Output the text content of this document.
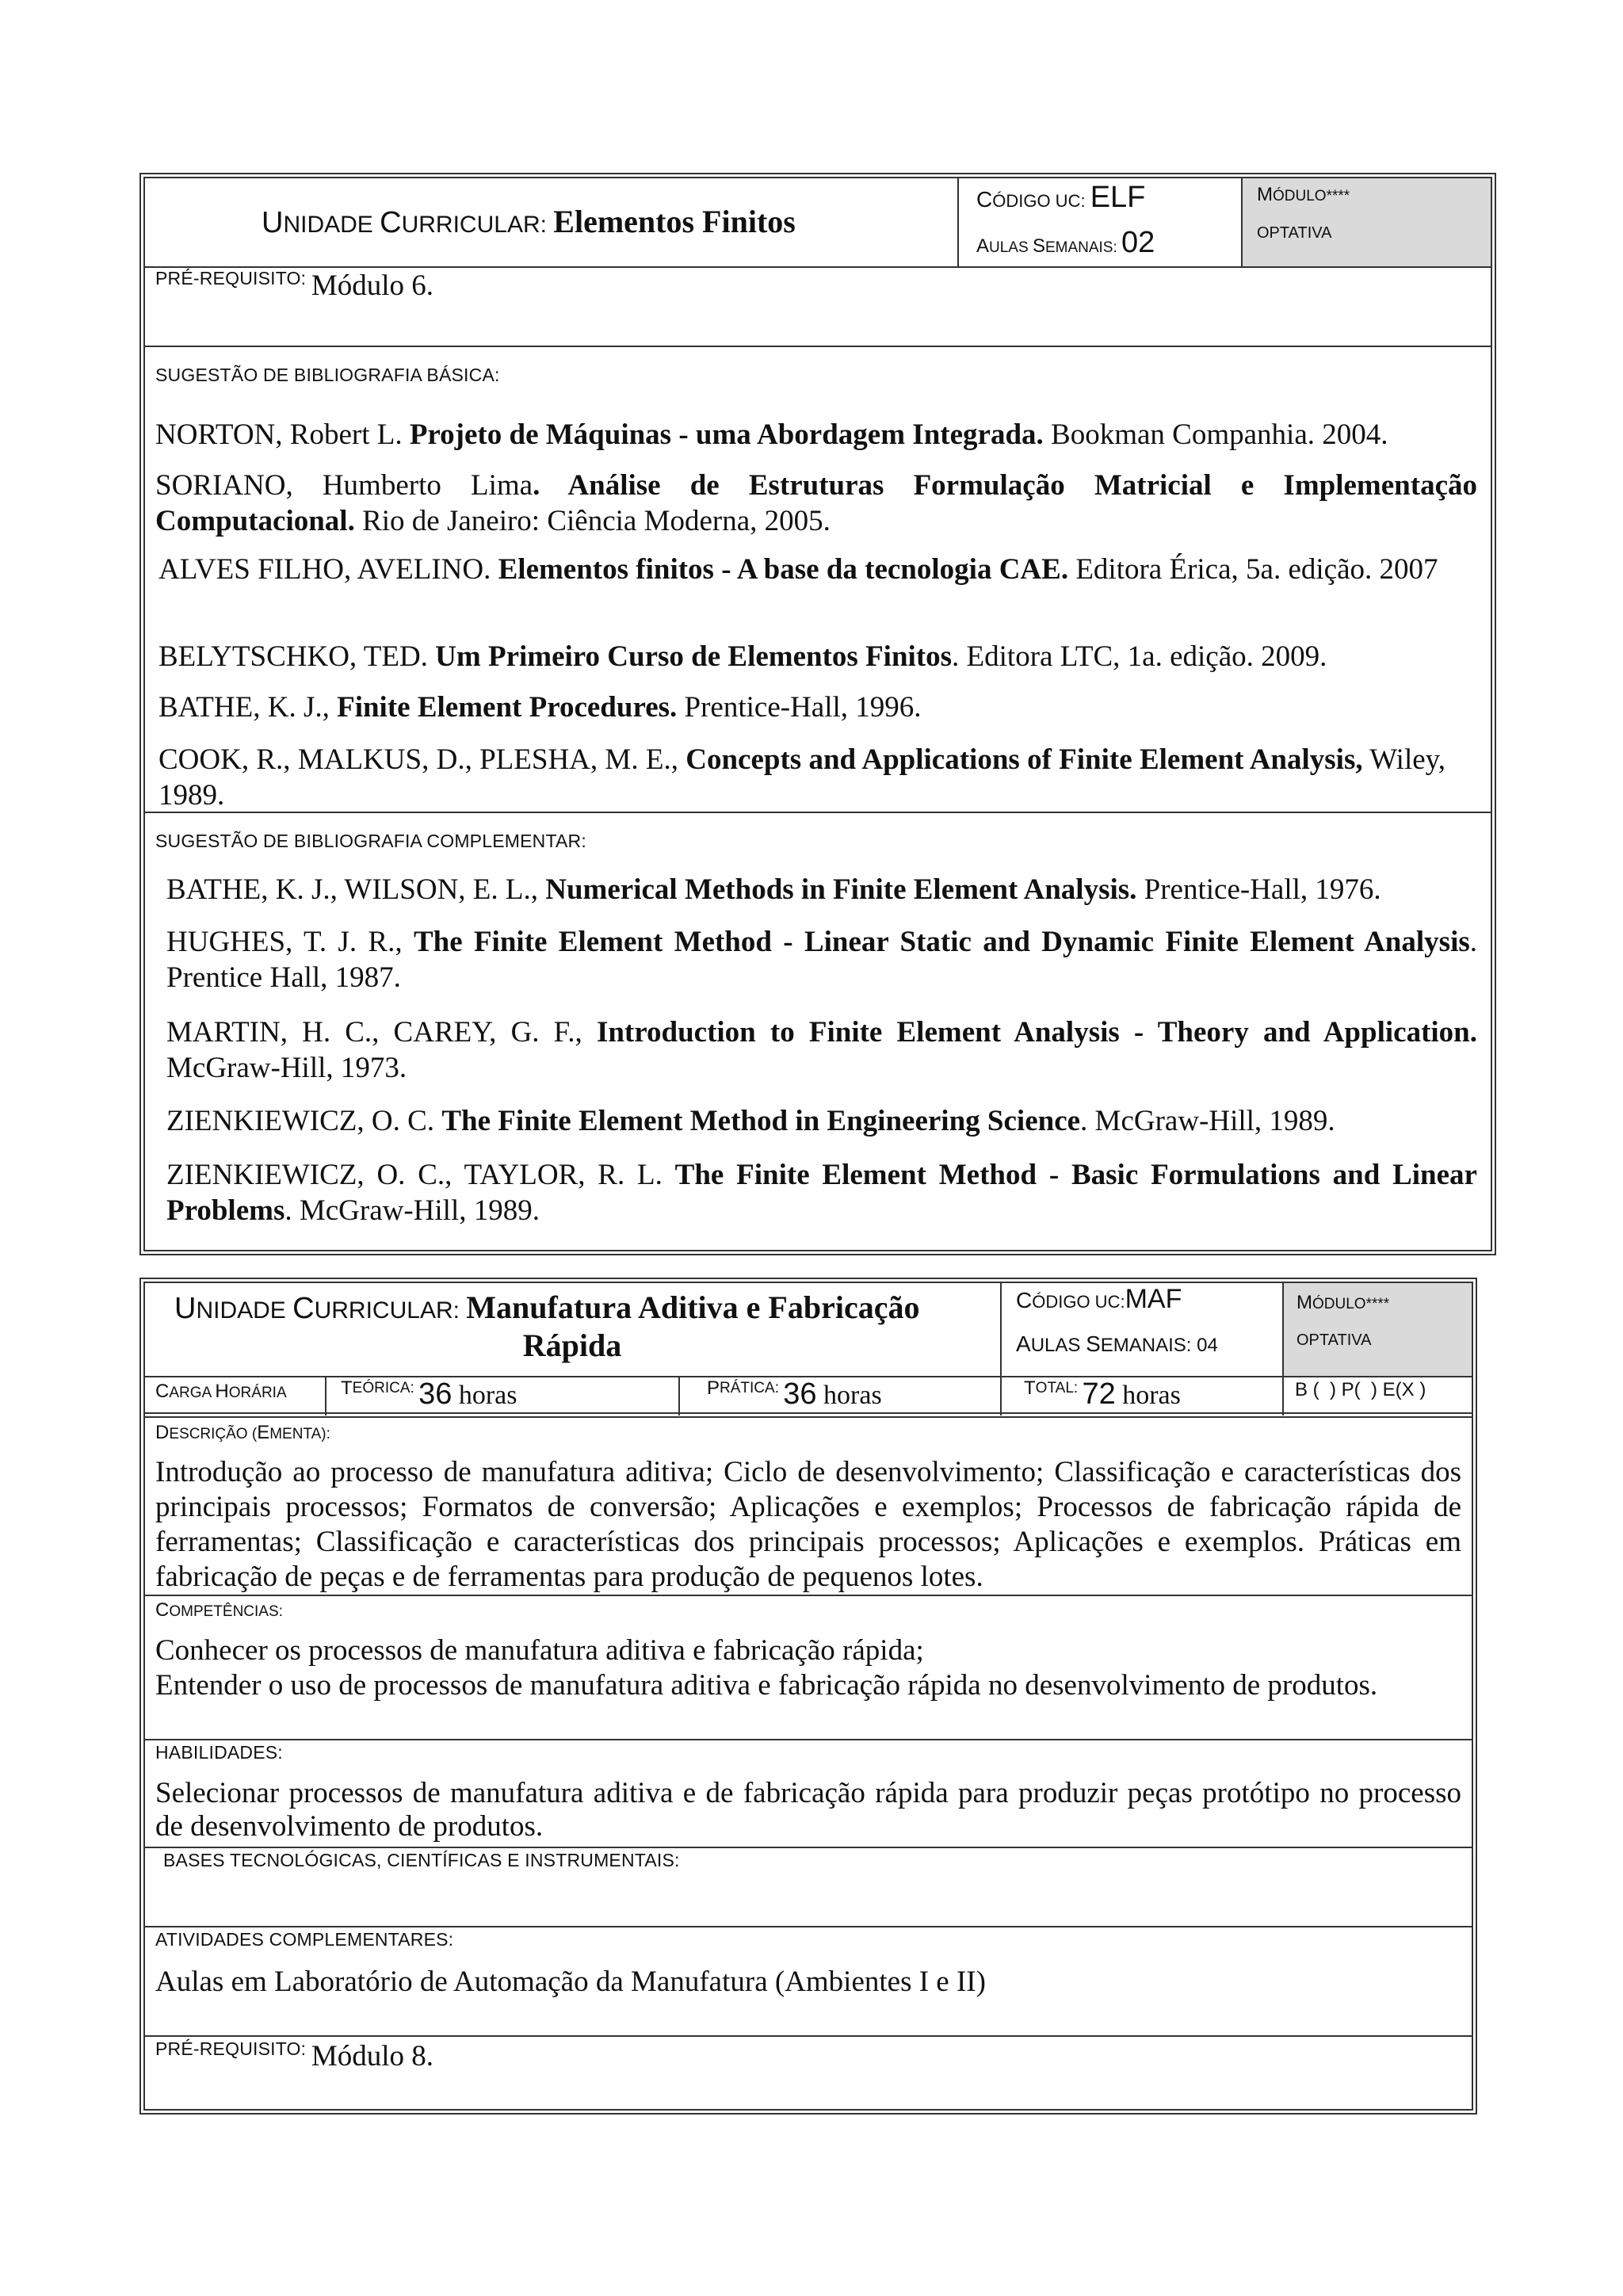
UNIDADE CURRICULAR: Elementos Finitos
CÓDIGO UC: ELF
AULAS SEMANAIS: 02
MÓDULO****
OPTATIVA
PRÉ-REQUISITO: Módulo 6.
SUGESTÃO DE BIBLIOGRAFIA BÁSICA:
NORTON, Robert L. Projeto de Máquinas - uma Abordagem Integrada. Bookman Companhia. 2004.
SORIANO, Humberto Lima. Análise de Estruturas Formulação Matricial e Implementação Computacional. Rio de Janeiro: Ciência Moderna, 2005.
ALVES FILHO, AVELINO. Elementos finitos - A base da tecnologia CAE. Editora Érica, 5a. edição. 2007
BELYTSCHKO, TED. Um Primeiro Curso de Elementos Finitos. Editora LTC, 1a. edição. 2009.
BATHE, K. J., Finite Element Procedures. Prentice-Hall, 1996.
COOK, R., MALKUS, D., PLESHA, M. E., Concepts and Applications of Finite Element Analysis, Wiley, 1989.
SUGESTÃO DE BIBLIOGRAFIA COMPLEMENTAR:
BATHE, K. J., WILSON, E. L., Numerical Methods in Finite Element Analysis. Prentice-Hall, 1976.
HUGHES, T. J. R., The Finite Element Method - Linear Static and Dynamic Finite Element Analysis. Prentice Hall, 1987.
MARTIN, H. C., CAREY, G. F., Introduction to Finite Element Analysis - Theory and Application. McGraw-Hill, 1973.
ZIENKIEWICZ, O. C. The Finite Element Method in Engineering Science. McGraw-Hill, 1989.
ZIENKIEWICZ, O. C., TAYLOR, R. L. The Finite Element Method - Basic Formulations and Linear Problems. McGraw-Hill, 1989.
UNIDADE CURRICULAR: Manufatura Aditiva e Fabricação
Rápida
CÓDIGO UC:MAF
AULAS SEMANAIS: 04
MÓDULO****
OPTATIVA
CARGA HORÁRIA	TEÓRICA: 36 horas	PRÁTICA: 36 horas	TOTAL: 72 horas	B (  ) P(  ) E(X )
DESCRIÇÃO (EMENTA):
Introdução ao processo de manufatura aditiva; Ciclo de desenvolvimento; Classificação e características dos principais processos; Formatos de conversão; Aplicações e exemplos; Processos de fabricação rápida de ferramentas; Classificação e características dos principais processos; Aplicações e exemplos. Práticas em fabricação de peças e de ferramentas para produção de pequenos lotes.
COMPETÊNCIAS:
Conhecer os processos de manufatura aditiva e fabricação rápida;
Entender o uso de processos de manufatura aditiva e fabricação rápida no desenvolvimento de produtos.
HABILIDADES:
Selecionar processos de manufatura aditiva e de fabricação rápida para produzir peças protótipo no processo de desenvolvimento de produtos.
BASES TECNOLÓGICAS, CIENTÍFICAS E INSTRUMENTAIS:
ATIVIDADES COMPLEMENTARES:
Aulas em Laboratório de Automação da Manufatura (Ambientes I e II)
PRÉ-REQUISITO: Módulo 8.
